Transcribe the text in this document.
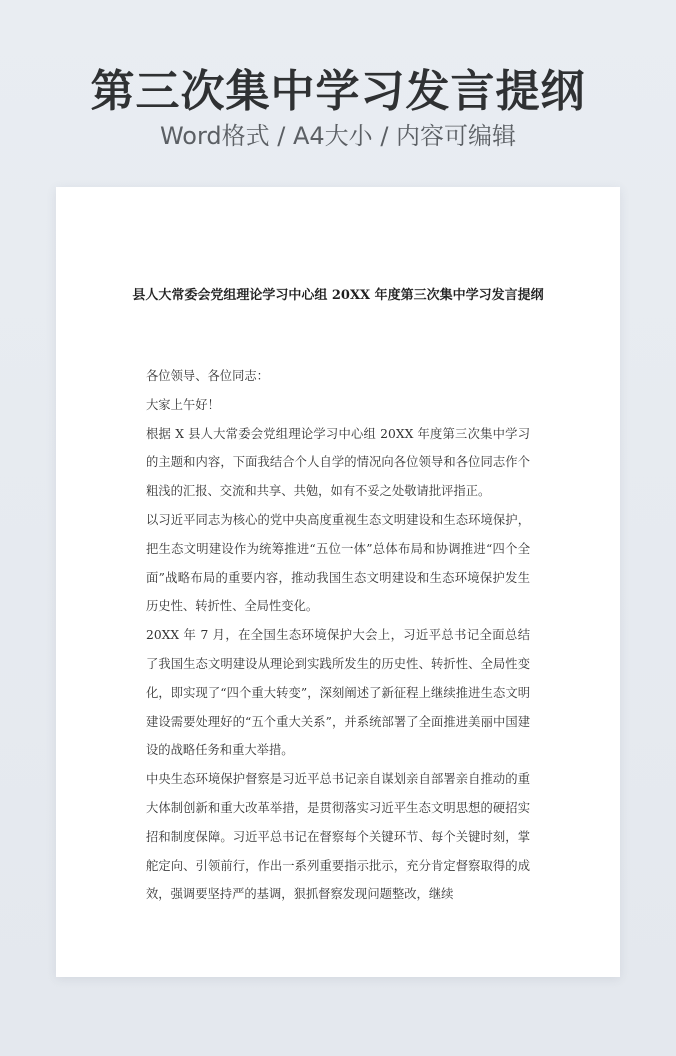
第三次集中学习发言提纲
Word格式 / A4大小 / 内容可编辑
县人大常委会党组理论学习中心组 20XX 年度第三次集中学习发言提纲

各位领导、各位同志：

大家上午好！

根据 X 县人大常委会党组理论学习中心组 20XX 年度第三次集中学习的主题和内容，下面我结合个人自学的情况向各位领导和各位同志作个粗浅的汇报、交流和共享、共勉，如有不妥之处敬请批评指正。

以习近平同志为核心的党中央高度重视生态文明建设和生态环境保护，把生态文明建设作为统筹推进“五位一体”总体布局和协调推进“四个全面”战略布局的重要内容，推动我国生态文明建设和生态环境保护发生历史性、转折性、全局性变化。

20XX 年 7 月，在全国生态环境保护大会上，习近平总书记全面总结了我国生态文明建设从理论到实践所发生的历史性、转折性、全局性变化，即实现了“四个重大转变”，深刻阐述了新征程上继续推进生态文明建设需要处理好的“五个重大关系”，并系统部署了全面推进美丽中国建设的战略任务和重大举措。

中央生态环境保护督察是习近平总书记亲自谋划亲自部署亲自推动的重大体制创新和重大改革举措，是贯彻落实习近平生态文明思想的硬招实招和制度保障。习近平总书记在督察每个关键环节、每个关键时刻，掌舵定向、引领前行，作出一系列重要指示批示，充分肯定督察取得的成效，强调要坚持严的基调，狠抓督察发现问题整改，继续
